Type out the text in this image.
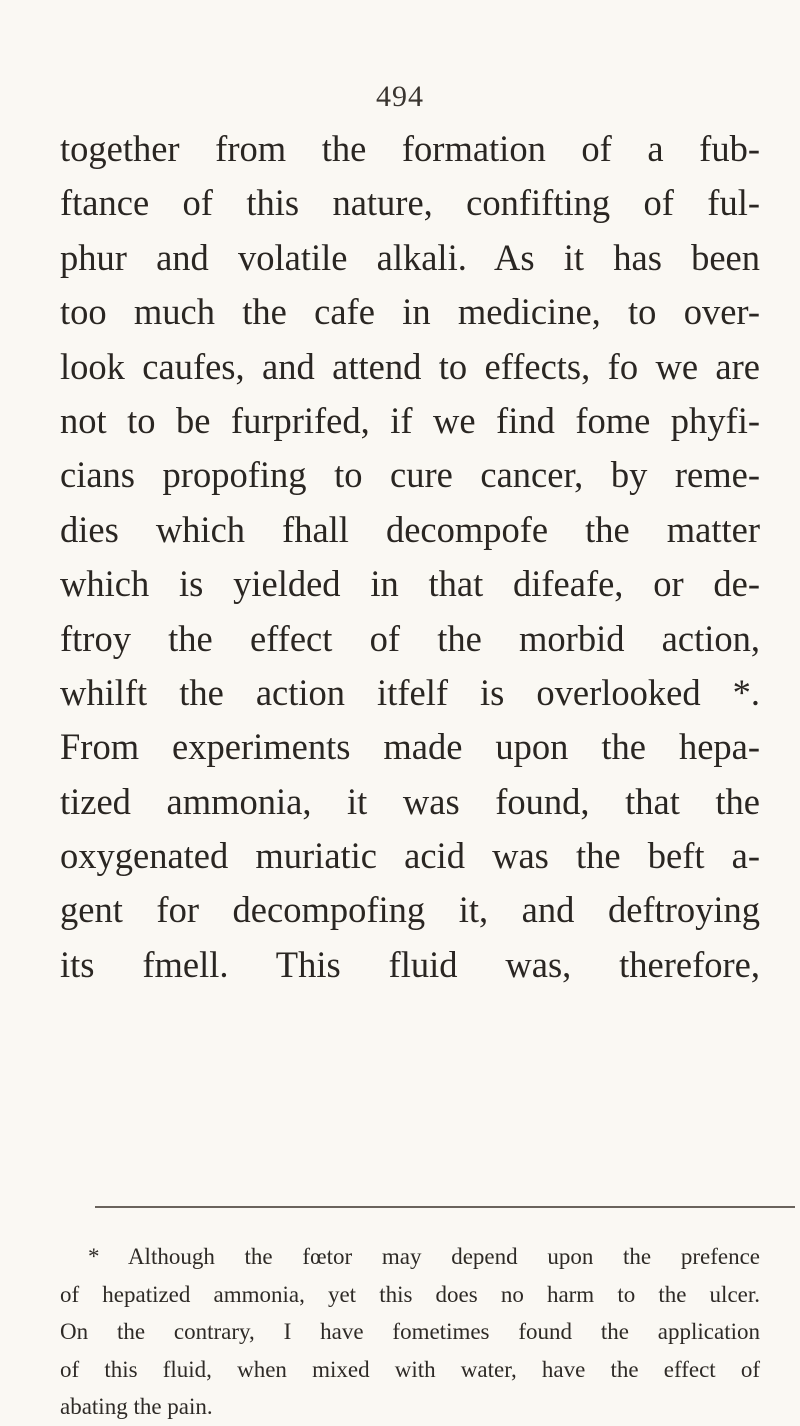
494
together from the formation of a fub-
ftance of this nature, confifting of ful-
phur and volatile alkali. As it has been
too much the cafe in medicine, to over-
look caufes, and attend to effects, fo we are
not to be furprifed, if we find fome phyfi-
cians propofing to cure cancer, by reme-
dies which fhall decompofe the matter
which is yielded in that difeafe, or de-
ftroy the effect of the morbid action,
whilft the action itfelf is overlooked *.
From experiments made upon the hepa-
tized ammonia, it was found, that the
oxygenated muriatic acid was the beft a-
gent for decompofing it, and deftroying
its fmell. This fluid was, therefore,
* Although the fœtor may depend upon the prefence
of hepatized ammonia, yet this does no harm to the ulcer.
On the contrary, I have fometimes found the application
of this fluid, when mixed with water, have the effect of
abating the pain.
